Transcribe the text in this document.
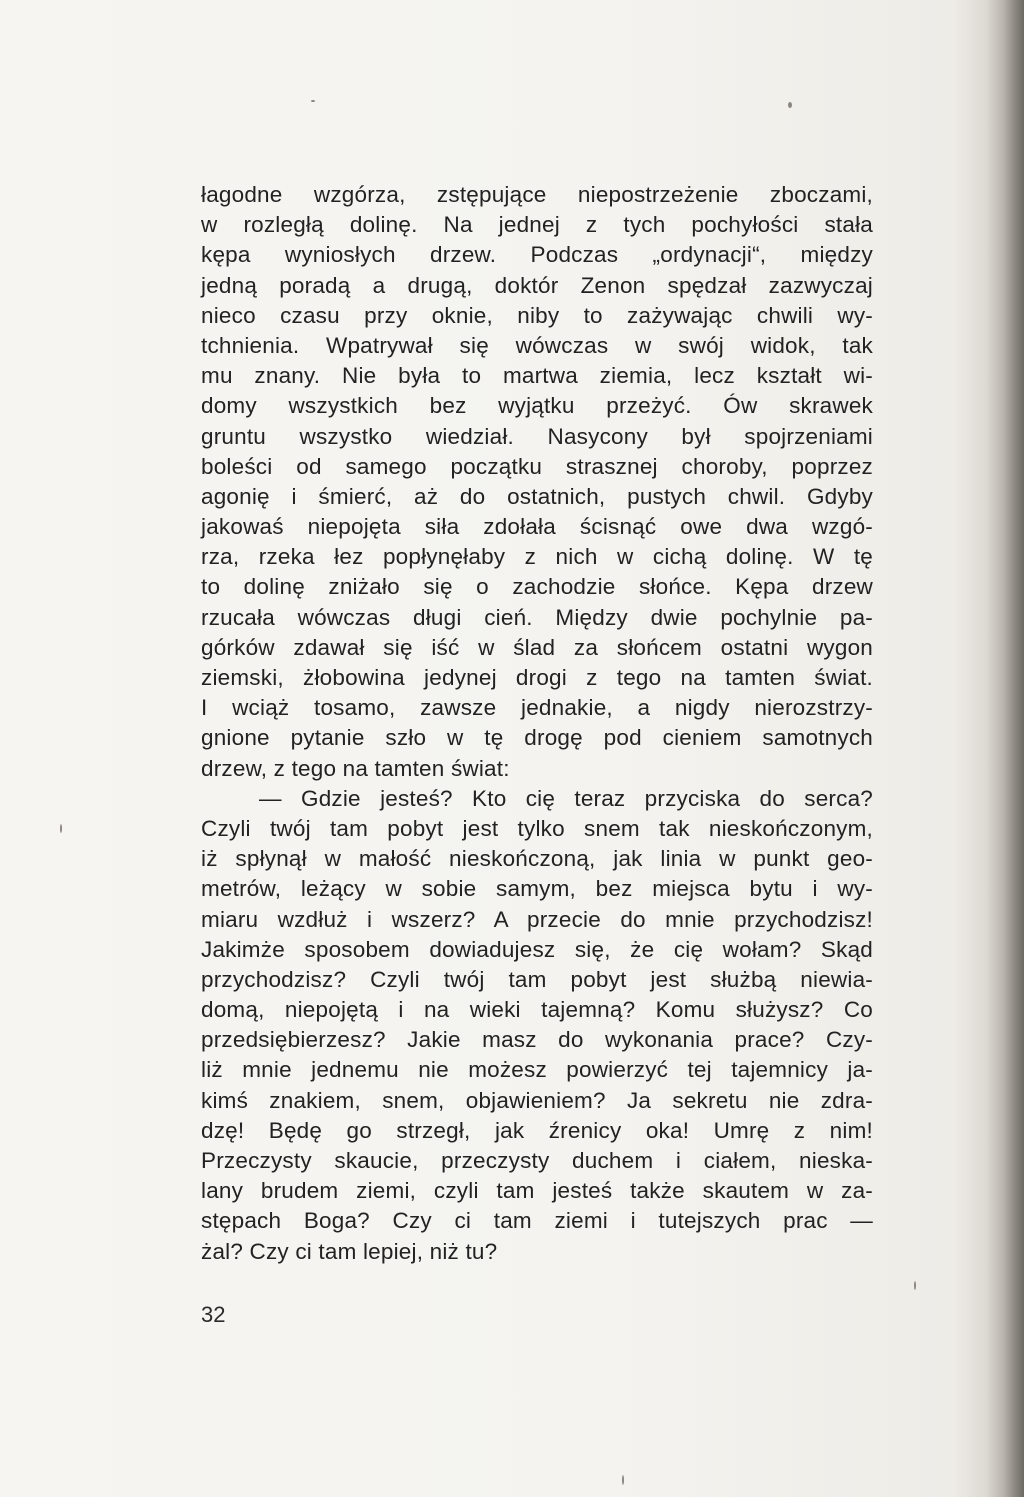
łagodne wzgórza, zstępujące niepostrzeżenie zboczami,
w rozległą dolinę. Na jednej z tych pochyłości stała
kępa wyniosłych drzew. Podczas „ordynacji“, między
jedną poradą a drugą, doktór Zenon spędzał zazwyczaj
nieco czasu przy oknie, niby to zażywając chwili wy-
tchnienia. Wpatrywał się wówczas w swój widok, tak
mu znany. Nie była to martwa ziemia, lecz kształt wi-
domy wszystkich bez wyjątku przeżyć. Ów skrawek
gruntu wszystko wiedział. Nasycony był spojrzeniami
boleści od samego początku strasznej choroby, poprzez
agonię i śmierć, aż do ostatnich, pustych chwil. Gdyby
jakowaś niepojęta siła zdołała ścisnąć owe dwa wzgó-
rza, rzeka łez popłynęłaby z nich w cichą dolinę. W tę
to dolinę zniżało się o zachodzie słońce. Kępa drzew
rzucała wówczas długi cień. Między dwie pochylnie pa-
górków zdawał się iść w ślad za słońcem ostatni wygon
ziemski, żłobowina jedynej drogi z tego na tamten świat.
I wciąż tosamo, zawsze jednakie, a nigdy nierozstrzy-
gnione pytanie szło w tę drogę pod cieniem samotnych
drzew, z tego na tamten świat:
— Gdzie jesteś? Kto cię teraz przyciska do serca?
Czyli twój tam pobyt jest tylko snem tak nieskończonym,
iż spłynął w małość nieskończoną, jak linia w punkt geo-
metrów, leżący w sobie samym, bez miejsca bytu i wy-
miaru wzdłuż i wszerz? A przecie do mnie przychodzisz!
Jakimże sposobem dowiadujesz się, że cię wołam? Skąd
przychodzisz? Czyli twój tam pobyt jest służbą niewia-
domą, niepojętą i na wieki tajemną? Komu służysz? Co
przedsiębierzesz? Jakie masz do wykonania prace? Czy-
liż mnie jednemu nie możesz powierzyć tej tajemnicy ja-
kimś znakiem, snem, objawieniem? Ja sekretu nie zdra-
dzę! Będę go strzegł, jak źrenicy oka! Umrę z nim!
Przeczysty skaucie, przeczysty duchem i ciałem, nieska-
lany brudem ziemi, czyli tam jesteś także skautem w za-
stępach Boga? Czy ci tam ziemi i tutejszych prac —
żal? Czy ci tam lepiej, niż tu?
32
